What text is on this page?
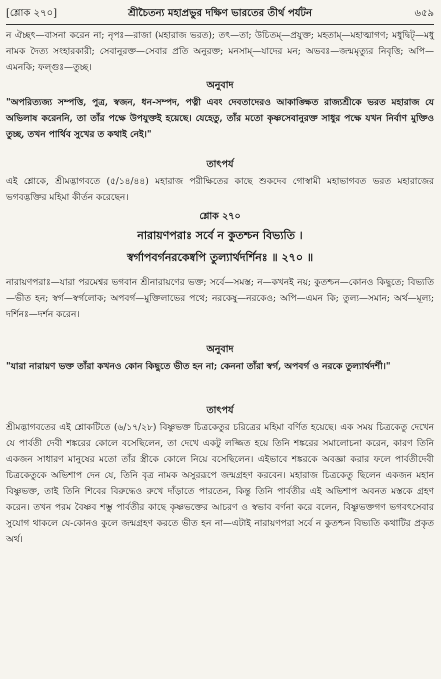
[শ্লোক ২৭০]	শ্রীচৈতন্য মহাপ্রভুর দক্ষিণ ভারতের তীর্থ পর্যটন	৬৫৯

ন ঐচ্ছৎ—বাসনা করেন না; নৃপঃ—রাজা (মহারাজ ভরত); তৎ—তা; উচিতম্—প্রযুক্ত; মহতাম্—মহাত্মাগণ; মধুদ্বিট্—মধু নামক দৈত্য সংহারকারী; সেবানুরক্ত—সেবার প্রতি অনুরক্ত; মনসাম্—যাদের মন; অভবঃ—জন্মমৃত্যুর নিবৃত্তি; অপি—এমনকি; ফল্গুঃ—তুচ্ছ।

অনুবাদ

"অপরিত্যজ্য সম্পত্তি, পুত্র, স্বজন, ধন-সম্পদ, পত্নী এবং দেবতাদেরও আকাঙ্ক্ষিত রাজ্যশ্রীকে ভরত মহারাজ যে অভিলাষ করেননি, তা তাঁর পক্ষে উপযুক্তই হয়েছে। যেহেতু, তাঁর মতো কৃষ্ণসেবানুরক্ত সাধুর পক্ষে যখন নির্বাণ মুক্তিও তুচ্ছ, তখন পার্থিব সুখের ত কথাই নেই।"

তাৎপর্য

এই শ্লোকে, শ্রীমদ্ভাগবতে (৫/১৪/৪৪) মহারাজ পরীক্ষিতের কাছে শুকদেব গোস্বামী মহাভাগবত ভরত মহারাজের ভগবদ্ভক্তির মহিমা কীর্তন করেছেন।

শ্লোক ২৭০
নারায়ণপরাঃ সর্বে ন কুতশ্চন বিভ্যতি ।
স্বর্গাপবর্গনরকেষ্বপি তুল্যার্থদর্শিনঃ ॥ ২৭০ ॥

নারায়ণপরাঃ—যারা পরমেশ্বর ভগবান শ্রীনারায়ণের ভক্ত; সর্বে—সমস্ত; ন—কখনই নয়; কুতশ্চন—কোনও কিছুতে; বিভ্যতি—ভীত হন; স্বর্গ—স্বর্গলোক; অপবর্গ—মুক্তিলাভের পথে; নরকেষু—নরকেও; অপি—এমন কি; তুল্য—সমান; অর্থ—মূল্য; দর্শিনঃ—দর্শন করেন।

অনুবাদ

"যারা নারায়ণ ভক্ত তাঁরা কখনও কোন কিছুতে ভীত হন না; কেননা তাঁরা স্বর্গ, অপবর্গ ও নরকে তুল্যার্থদর্শী।"

তাৎপর্য

শ্রীমদ্ভাগবতের এই শ্লোকটিতে (৬/১৭/২৮) বিষ্ণুভক্ত চিত্রকেতুর চরিত্রের মহিমা বর্ণিত হয়েছে। এক সময় চিত্রকেতু দেখেন যে পার্বতী দেবী শঙ্করের কোলে বসেছিলেন, তা দেখে একটু লজ্জিত হয়ে তিনি শঙ্করের সমালোচনা করেন, কারণ তিনি একজন সাধারণ মানুষের মতো তাঁর স্ত্রীকে কোলে নিয়ে বসেছিলেন। এইভাবে শঙ্করকে অবজ্ঞা করার ফলে পার্বতীদেবী চিত্রকেতুকে অভিশাপ দেন যে, তিনি বৃত্র নামক অসুররূপে জন্মগ্রহণ করবেন। মহারাজ চিত্রকেতু ছিলেন একজন মহান বিষ্ণুভক্ত, তাই তিনি শিবের বিরুদ্ধেও রুখে দাঁড়াতে পারতেন, কিন্তু তিনি পার্বতীর এই অভিশাপ অবনত মস্তকে গ্রহণ করেন। তখন পরম বৈষ্ণব শম্ভু পার্বতীর কাছে কৃষ্ণভক্তের আচরণ ও স্বভাব বর্ণনা করে বলেন, বিষ্ণুভক্তগণ ভগবৎসেবার সুযোগ থাকলে যে-কোনও কুলে জন্মগ্রহণ করতে ভীত হন না—এটাই নারায়ণপরা সর্বে ন কুতশ্চন বিভ্যতি কথাটির প্রকৃত অর্থ।
